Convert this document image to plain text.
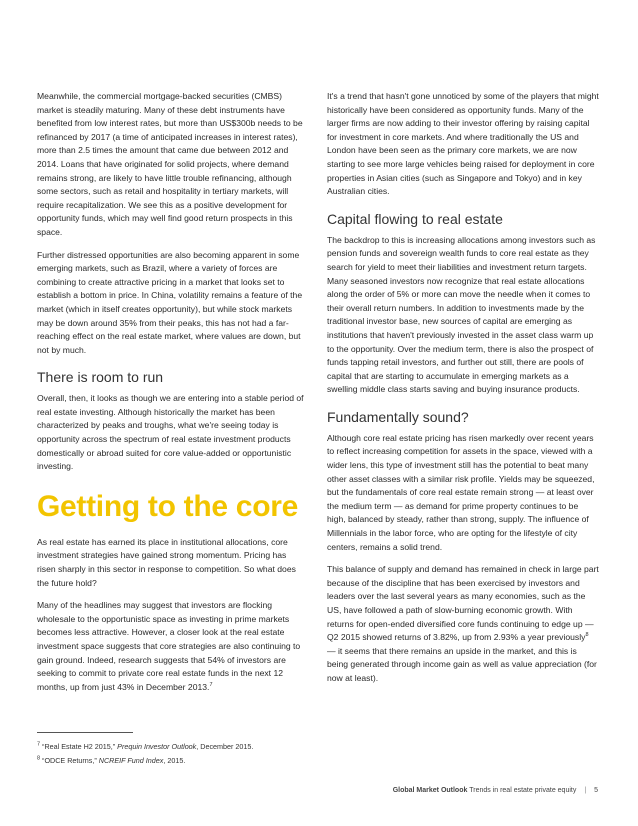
Meanwhile, the commercial mortgage-backed securities (CMBS) market is steadily maturing. Many of these debt instruments have benefited from low interest rates, but more than US$300b needs to be refinanced by 2017 (a time of anticipated increases in interest rates), more than 2.5 times the amount that came due between 2012 and 2014. Loans that have originated for solid projects, where demand remains strong, are likely to have little trouble refinancing, although some sectors, such as retail and hospitality in tertiary markets, will require recapitalization. We see this as a positive development for opportunity funds, which may well find good return prospects in this space.

Further distressed opportunities are also becoming apparent in some emerging markets, such as Brazil, where a variety of forces are combining to create attractive pricing in a market that looks set to establish a bottom in price. In China, volatility remains a feature of the market (which in itself creates opportunity), but while stock markets may be down around 35% from their peaks, this has not had a far-reaching effect on the real estate market, where values are down, but not by much.

There is room to run

Overall, then, it looks as though we are entering into a stable period of real estate investing. Although historically the market has been characterized by peaks and troughs, what we're seeing today is opportunity across the spectrum of real estate investment products domestically or abroad suited for core value-added or opportunistic investing.

Getting to the core

As real estate has earned its place in institutional allocations, core investment strategies have gained strong momentum. Pricing has risen sharply in this sector in response to competition. So what does the future hold?

Many of the headlines may suggest that investors are flocking wholesale to the opportunistic space as investing in prime markets becomes less attractive. However, a closer look at the real estate investment space suggests that core strategies are also continuing to gain ground. Indeed, research suggests that 54% of investors are seeking to commit to private core real estate funds in the next 12 months, up from just 43% in December 2013.$^7$

It's a trend that hasn't gone unnoticed by some of the players that might historically have been considered as opportunity funds. Many of the larger firms are now adding to their investor offering by raising capital for investment in core markets. And where traditionally the US and London have been seen as the primary core markets, we are now starting to see more large vehicles being raised for deployment in core properties in Asian cities (such as Singapore and Tokyo) and in key Australian cities.

Capital flowing to real estate

The backdrop to this is increasing allocations among investors such as pension funds and sovereign wealth funds to core real estate as they search for yield to meet their liabilities and investment return targets. Many seasoned investors now recognize that real estate allocations along the order of 5% or more can move the needle when it comes to their overall return numbers. In addition to investments made by the traditional investor base, new sources of capital are emerging as institutions that haven't previously invested in the asset class warm up to the opportunity. Over the medium term, there is also the prospect of funds tapping retail investors, and further out still, there are pools of capital that are starting to accumulate in emerging markets as a swelling middle class starts saving and buying insurance products.

Fundamentally sound?

Although core real estate pricing has risen markedly over recent years to reflect increasing competition for assets in the space, viewed with a wider lens, this type of investment still has the potential to beat many other asset classes with a similar risk profile. Yields may be squeezed, but the fundamentals of core real estate remain strong — at least over the medium term — as demand for prime property continues to be high, balanced by steady, rather than strong, supply. The influence of Millennials in the labor force, who are opting for the lifestyle of city centers, remains a solid trend.

This balance of supply and demand has remained in check in large part because of the discipline that has been exercised by investors and leaders over the last several years as many economies, such as the US, have followed a path of slow-burning economic growth. With returns for open-ended diversified core funds continuing to edge up — Q2 2015 showed returns of 3.82%, up from 2.93% a year previously$^8$ — it seems that there remains an upside in the market, and this is being generated through income gain as well as value appreciation (for now at least).

$^7$ “Real Estate H2 2015,” Prequin Investor Outlook, December 2015.
$^8$ “ODCE Returns,” NCREIF Fund Index, 2015.
Global Market Outlook Trends in real estate private equity | 5
